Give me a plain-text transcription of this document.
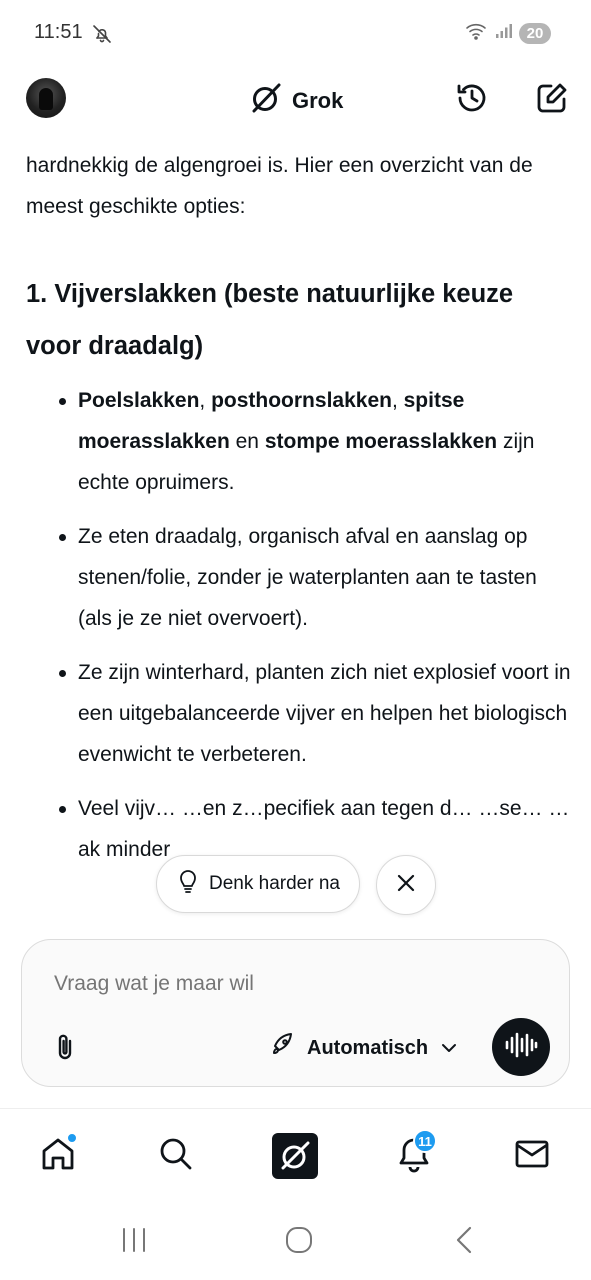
11:51	20
Grok

hardnekkig de algengroei is. Hier een overzicht van de meest geschikte opties:

1. Vijverslakken (beste natuurlijke keuze voor draadalg)
Poelslakken, posthoornslakken, spitse moerasslakken en stompe moerasslakken zijn echte opruimers.
Ze eten draadalg, organisch afval en aanslag op stenen/folie, zonder je waterplanten aan te tasten (als je ze niet overvoert).
Ze zijn winterhard, planten zich niet explosief voort in een uitgebalanceerde vijver en helpen het biologisch evenwicht te verbeteren.
Veel vijv… …en z…pecifiek aan tegen d… …se… …ak minder
Denk harder na
Vraag wat je maar wil
Automatisch
11
